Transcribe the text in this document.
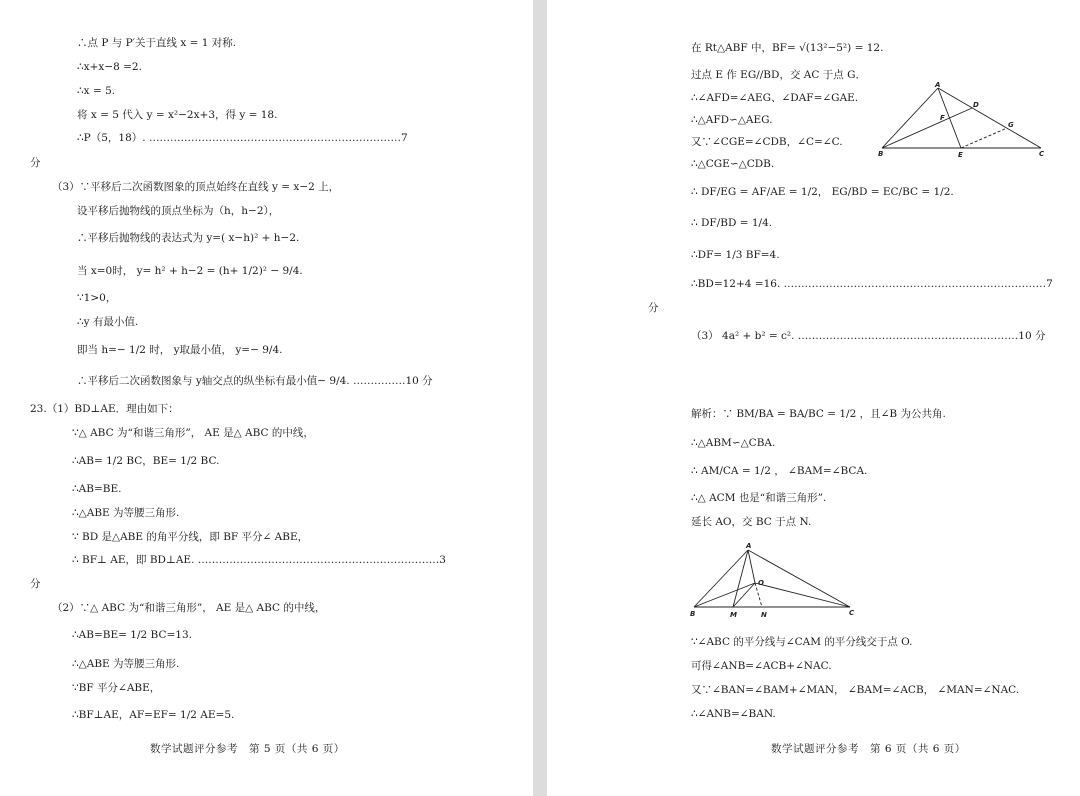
∴点 P 与 P′关于直线 x = 1 对称.
∴x+x−8 =2.
∴x = 5.
将 x = 5 代入 y = x²−2x+3，得 y = 18.
∴P（5，18）. ………………………………………………………………7
分
（3）∵平移后二次函数图象的顶点始终在直线 y = x−2 上，
设平移后抛物线的顶点坐标为（h，h−2），
∴平移后抛物线的表达式为 y=( x−h)² + h−2.
当 x=0时， y= h² + h−2 = (h+ 1/2)² − 9/4.
∵1>0，
∴y 有最小值.
即当 h=− 1/2 时， y取最小值， y=− 9/4.
∴平移后二次函数图象与 y轴交点的纵坐标有最小值− 9/4. ……………10 分
23.（1）BD⊥AE．理由如下：
∵△ ABC 为“和谐三角形”， AE 是△ ABC 的中线，
∴AB= 1/2 BC，BE= 1/2 BC.
∴AB=BE.
∴△ABE 为等腰三角形.
∵ BD 是△ABE 的角平分线，即 BF 平分∠ ABE，
∴ BF⊥ AE，即 BD⊥AE. ……………………………………………………………3
分
（2）∵△ ABC 为“和谐三角形”， AE 是△ ABC 的中线，
∴AB=BE= 1/2 BC=13.
∴△ABE 为等腰三角形.
∵BF 平分∠ABE，
∴BF⊥AE，AF=EF= 1/2 AE=5.
数学试题评分参考　第 5 页（共 6 页）
在 Rt△ABF 中，BF= √(13²−5²) = 12.
过点 E 作 EG//BD，交 AC 于点 G．
∴∠AFD=∠AEG、∠DAF=∠GAE.
∴△AFD∽△AEG.
又∵∠CGE=∠CDB，∠C=∠C.
∴△CGE∽△CDB.
∴ DF/EG = AF/AE = 1/2， EG/BD = EC/BC = 1/2.
∴ DF/BD = 1/4.
∴DF= 1/3 BF=4.
∴BD=12+4 =16. …………………………………………………………………7
分
（3） 4a² + b² = c². ………………………………………………………10 分
解析：∵ BM/BA = BA/BC = 1/2 ，且∠B 为公共角.
∴△ABM∽△CBA.
∴ AM/CA = 1/2 ， ∠BAM=∠BCA.
∴△ ACM 也是“和谐三角形”.
延长 AO，交 BC 于点 N.
∵∠ABC 的平分线与∠CAM 的平分线交于点 O.
可得∠ANB=∠ACB+∠NAC.
又∵∠BAN=∠BAM+∠MAN， ∠BAM=∠ACB， ∠MAN=∠NAC.
∴∠ANB=∠BAN.
A
D
F
G
B	E	C
A
O
B	M	N	C
数学试题评分参考　第 6 页（共 6 页）
